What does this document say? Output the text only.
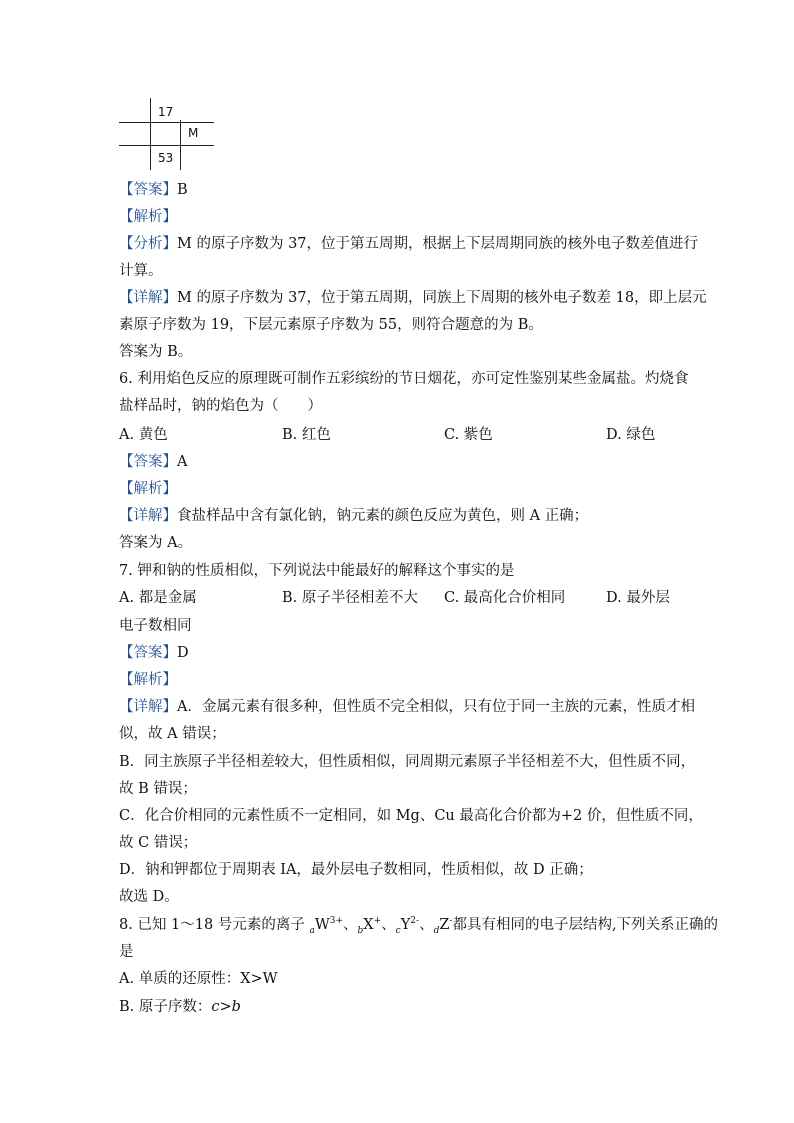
17
M
53
【答案】B
【解析】
【分析】M 的原子序数为 37，位于第五周期，根据上下层周期同族的核外电子数差值进行
计算。
【详解】M 的原子序数为 37，位于第五周期，同族上下周期的核外电子数差 18，即上层元
素原子序数为 19，下层元素原子序数为 55，则符合题意的为 B。
答案为 B。
6. 利用焰色反应的原理既可制作五彩缤纷的节日烟花，亦可定性鉴别某些金属盐。灼烧食
盐样品时，钠的焰色为（　　）
A. 黄色	B. 红色	C. 紫色	D. 绿色
【答案】A
【解析】
【详解】食盐样品中含有氯化钠，钠元素的颜色反应为黄色，则 A 正确；
答案为 A。
7. 钾和钠的性质相似，下列说法中能最好的解释这个事实的是
A. 都是金属	B. 原子半径相差不大 C. 最高化合价相同	D. 最外层
电子数相同
【答案】D
【解析】
【详解】A．金属元素有很多种，但性质不完全相似，只有位于同一主族的元素，性质才相
似，故 A 错误；
B．同主族原子半径相差较大，但性质相似，同周期元素原子半径相差不大，但性质不同，
故 B 错误；
C．化合价相同的元素性质不一定相同，如 Mg、Cu 最高化合价都为+2 价，但性质不同，
故 C 错误；
D．钠和钾都位于周期表 IA，最外层电子数相同，性质相似，故 D 正确；
故选 D。
8. 已知 1～18 号元素的离子 $_aW^{3+}$、$_b$X+、$_cY^{2-}$、$_d$Z-都具有相同的电子层结构,下列关系正确的
是
A. 单质的还原性：X>W
B. 原子序数：c>b
